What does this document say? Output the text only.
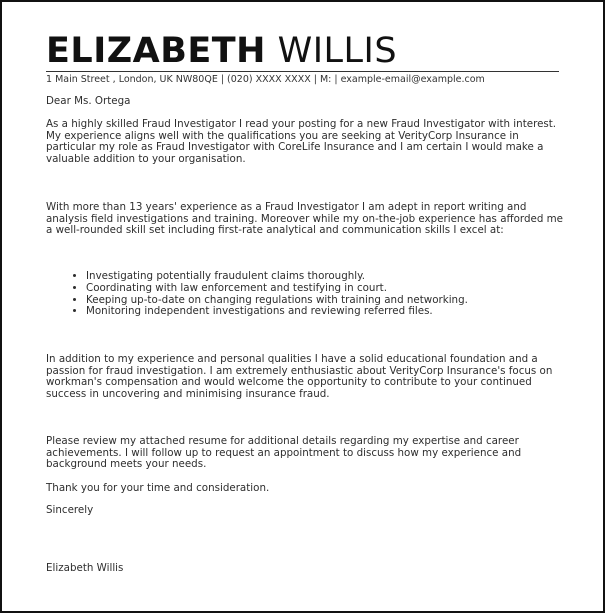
ELIZABETH WILLIS
1 Main Street , London, UK NW80QE | (020) XXXX XXXX | M: | example-email@example.com
Dear Ms. Ortega

As a highly skilled Fraud Investigator I read your posting for a new Fraud Investigator with interest. My experience aligns well with the qualifications you are seeking at VerityCorp Insurance in particular my role as Fraud Investigator with CoreLife Insurance and I am certain I would make a valuable addition to your organisation.

With more than 13 years' experience as a Fraud Investigator I am adept in report writing and analysis field investigations and training. Moreover while my on-the-job experience has afforded me a well-rounded skill set including first-rate analytical and communication skills I excel at:

• Investigating potentially fraudulent claims thoroughly.
• Coordinating with law enforcement and testifying in court.
• Keeping up-to-date on changing regulations with training and networking.
• Monitoring independent investigations and reviewing referred files.

In addition to my experience and personal qualities I have a solid educational foundation and a passion for fraud investigation. I am extremely enthusiastic about VerityCorp Insurance's focus on workman's compensation and would welcome the opportunity to contribute to your continued success in uncovering and minimising insurance fraud.

Please review my attached resume for additional details regarding my expertise and career achievements. I will follow up to request an appointment to discuss how my experience and background meets your needs.

Thank you for your time and consideration.
Sincerely
Elizabeth Willis
